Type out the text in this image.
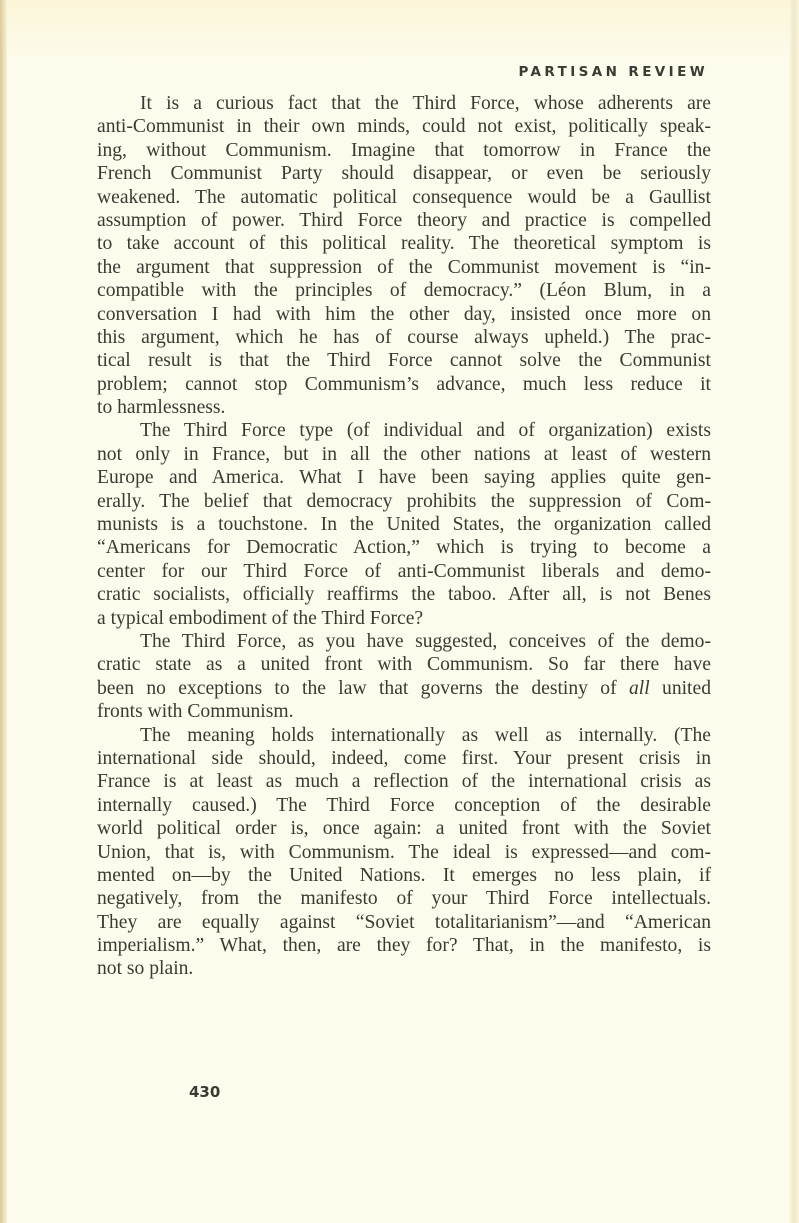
PARTISAN REVIEW
It is a curious fact that the Third Force, whose adherents are
anti-Communist in their own minds, could not exist, politically speak-
ing, without Communism. Imagine that tomorrow in France the
French Communist Party should disappear, or even be seriously
weakened. The automatic political consequence would be a Gaullist
assumption of power. Third Force theory and practice is compelled
to take account of this political reality. The theoretical symptom is
the argument that suppression of the Communist movement is “in-
compatible with the principles of democracy.” (Léon Blum, in a
conversation I had with him the other day, insisted once more on
this argument, which he has of course always upheld.) The prac-
tical result is that the Third Force cannot solve the Communist
problem; cannot stop Communism’s advance, much less reduce it
to harmlessness.
The Third Force type (of individual and of organization) exists
not only in France, but in all the other nations at least of western
Europe and America. What I have been saying applies quite gen-
erally. The belief that democracy prohibits the suppression of Com-
munists is a touchstone. In the United States, the organization called
“Americans for Democratic Action,” which is trying to become a
center for our Third Force of anti-Communist liberals and demo-
cratic socialists, officially reaffirms the taboo. After all, is not Benes
a typical embodiment of the Third Force?
The Third Force, as you have suggested, conceives of the demo-
cratic state as a united front with Communism. So far there have
been no exceptions to the law that governs the destiny of all united
fronts with Communism.
The meaning holds internationally as well as internally. (The
international side should, indeed, come first. Your present crisis in
France is at least as much a reflection of the international crisis as
internally caused.) The Third Force conception of the desirable
world political order is, once again: a united front with the Soviet
Union, that is, with Communism. The ideal is expressed—and com-
mented on—by the United Nations. It emerges no less plain, if
negatively, from the manifesto of your Third Force intellectuals.
They are equally against “Soviet totalitarianism”—and “American
imperialism.” What, then, are they for? That, in the manifesto, is
not so plain.
430
